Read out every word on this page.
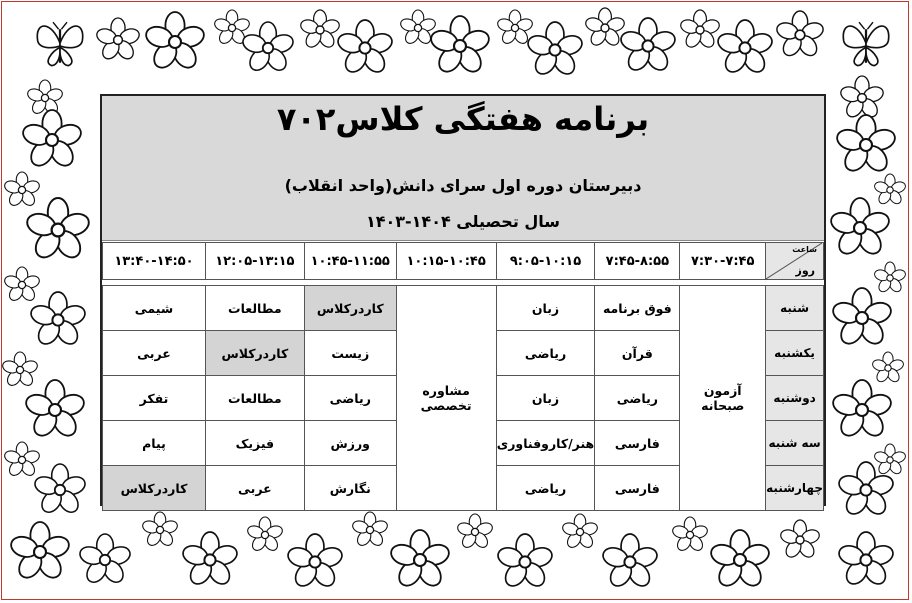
برنامه هفتگی کلاس۷۰۲
دبیرستان دوره اول سرای دانش(واحد انقلاب)
سال تحصیلی ۱۴۰۴-۱۴۰۳
ساعت
روز	۷:۳۰-۷:۴۵	۷:۴۵-۸:۵۵	۹:۰۵-۱۰:۱۵	۱۰:۱۵-۱۰:۴۵	۱۰:۴۵-۱۱:۵۵	۱۲:۰۵-۱۳:۱۵	۱۳:۴۰-۱۴:۵۰

شنبه	آزمون صبحانه	فوق برنامه	زبان	مشاوره تخصصی	کاردرکلاس	مطالعات	شیمی
یکشنبه		قرآن	ریاضی		زیست	کاردرکلاس	عربی
دوشنبه		ریاضی	زبان		ریاضی	مطالعات	تفکر
سه شنبه		فارسی	هنر/کاروفناوری		ورزش	فیزیک	پیام
چهارشنبه		فارسی	ریاضی		نگارش	عربی	کاردرکلاس
